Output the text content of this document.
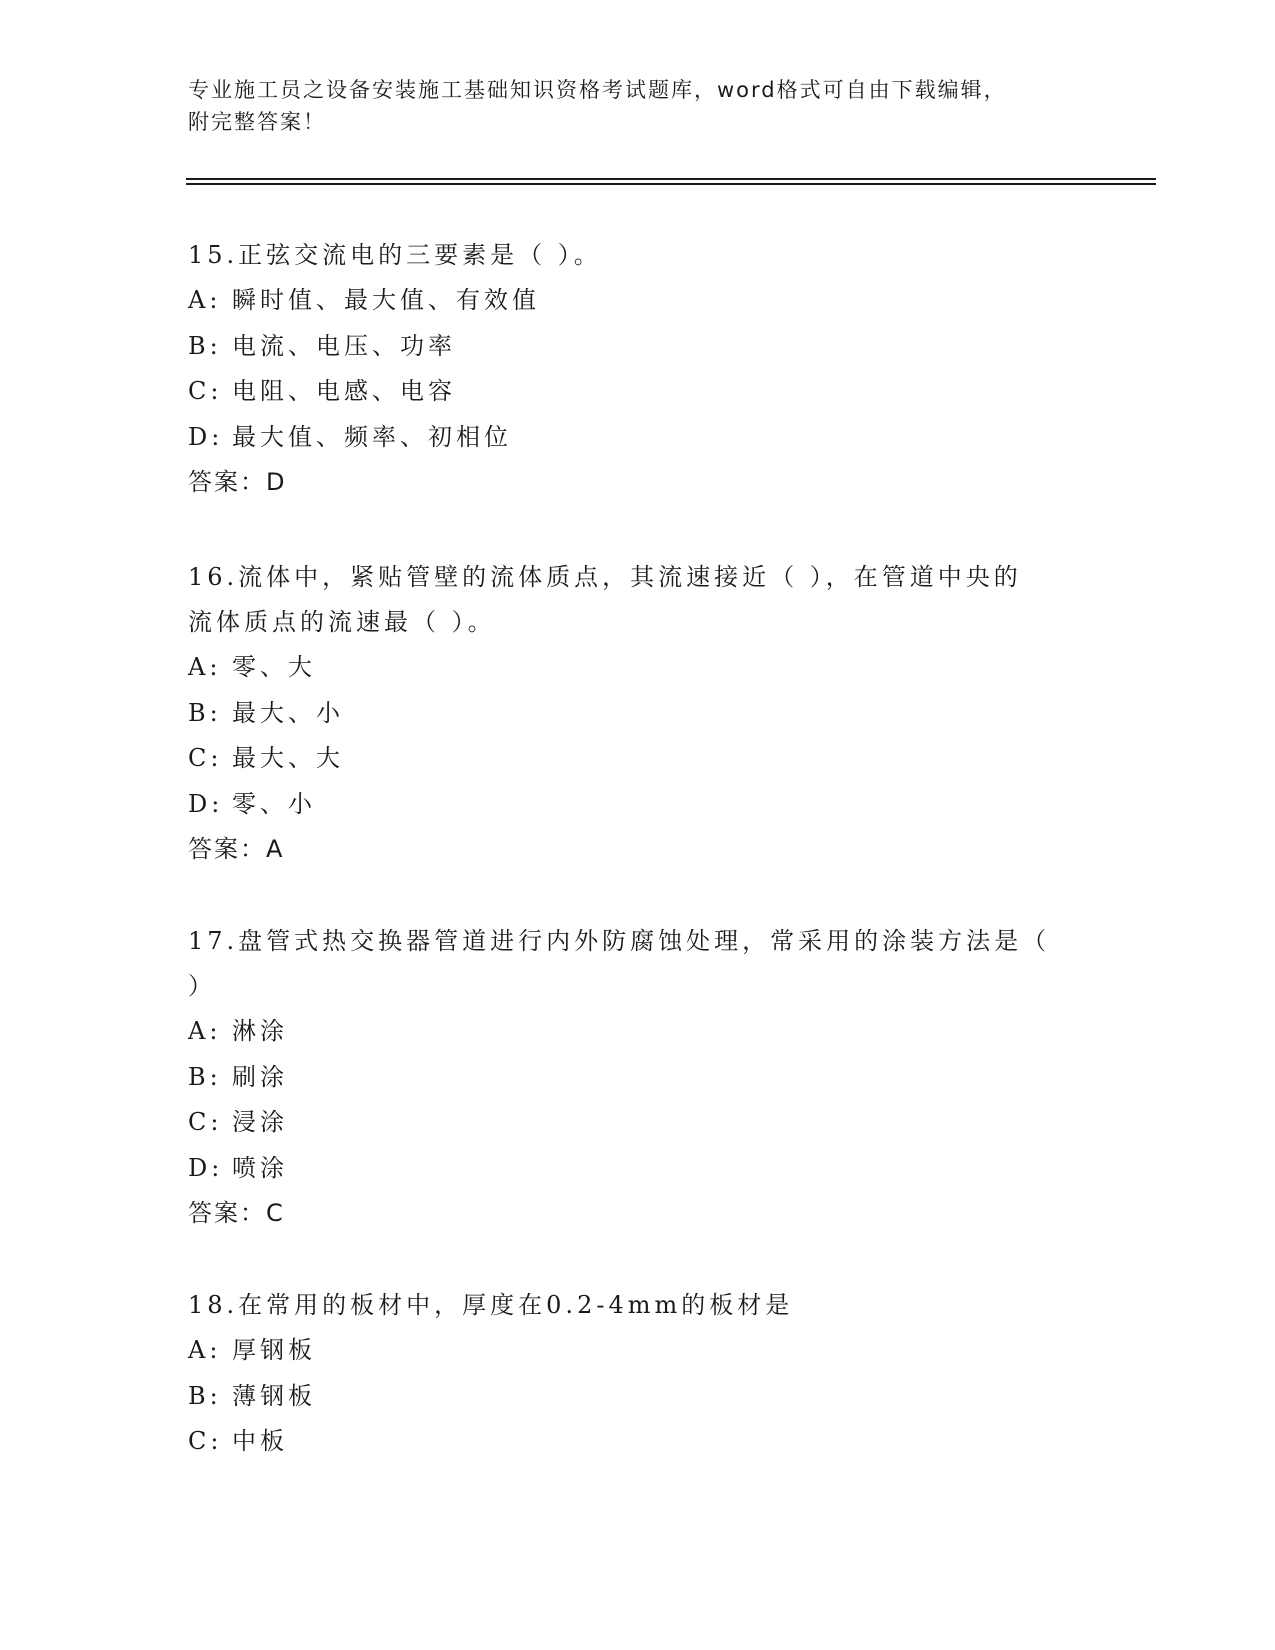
专业施工员之设备安装施工基础知识资格考试题库，word格式可自由下载编辑，
附完整答案！
15.正弦交流电的三要素是（ ）。
A: 瞬时值、最大值、有效值
B: 电流、电压、功率
C: 电阻、电感、电容
D: 最大值、频率、初相位
答案：D
16.流体中，紧贴管壁的流体质点，其流速接近（ ），在管道中央的
流体质点的流速最（ ）。
A: 零、大
B: 最大、小
C: 最大、大
D: 零、小
答案：A
17.盘管式热交换器管道进行内外防腐蚀处理，常采用的涂装方法是（
）
A: 淋涂
B: 刷涂
C: 浸涂
D: 喷涂
答案：C
18.在常用的板材中，厚度在0.2-4mm的板材是
A: 厚钢板
B: 薄钢板
C: 中板
